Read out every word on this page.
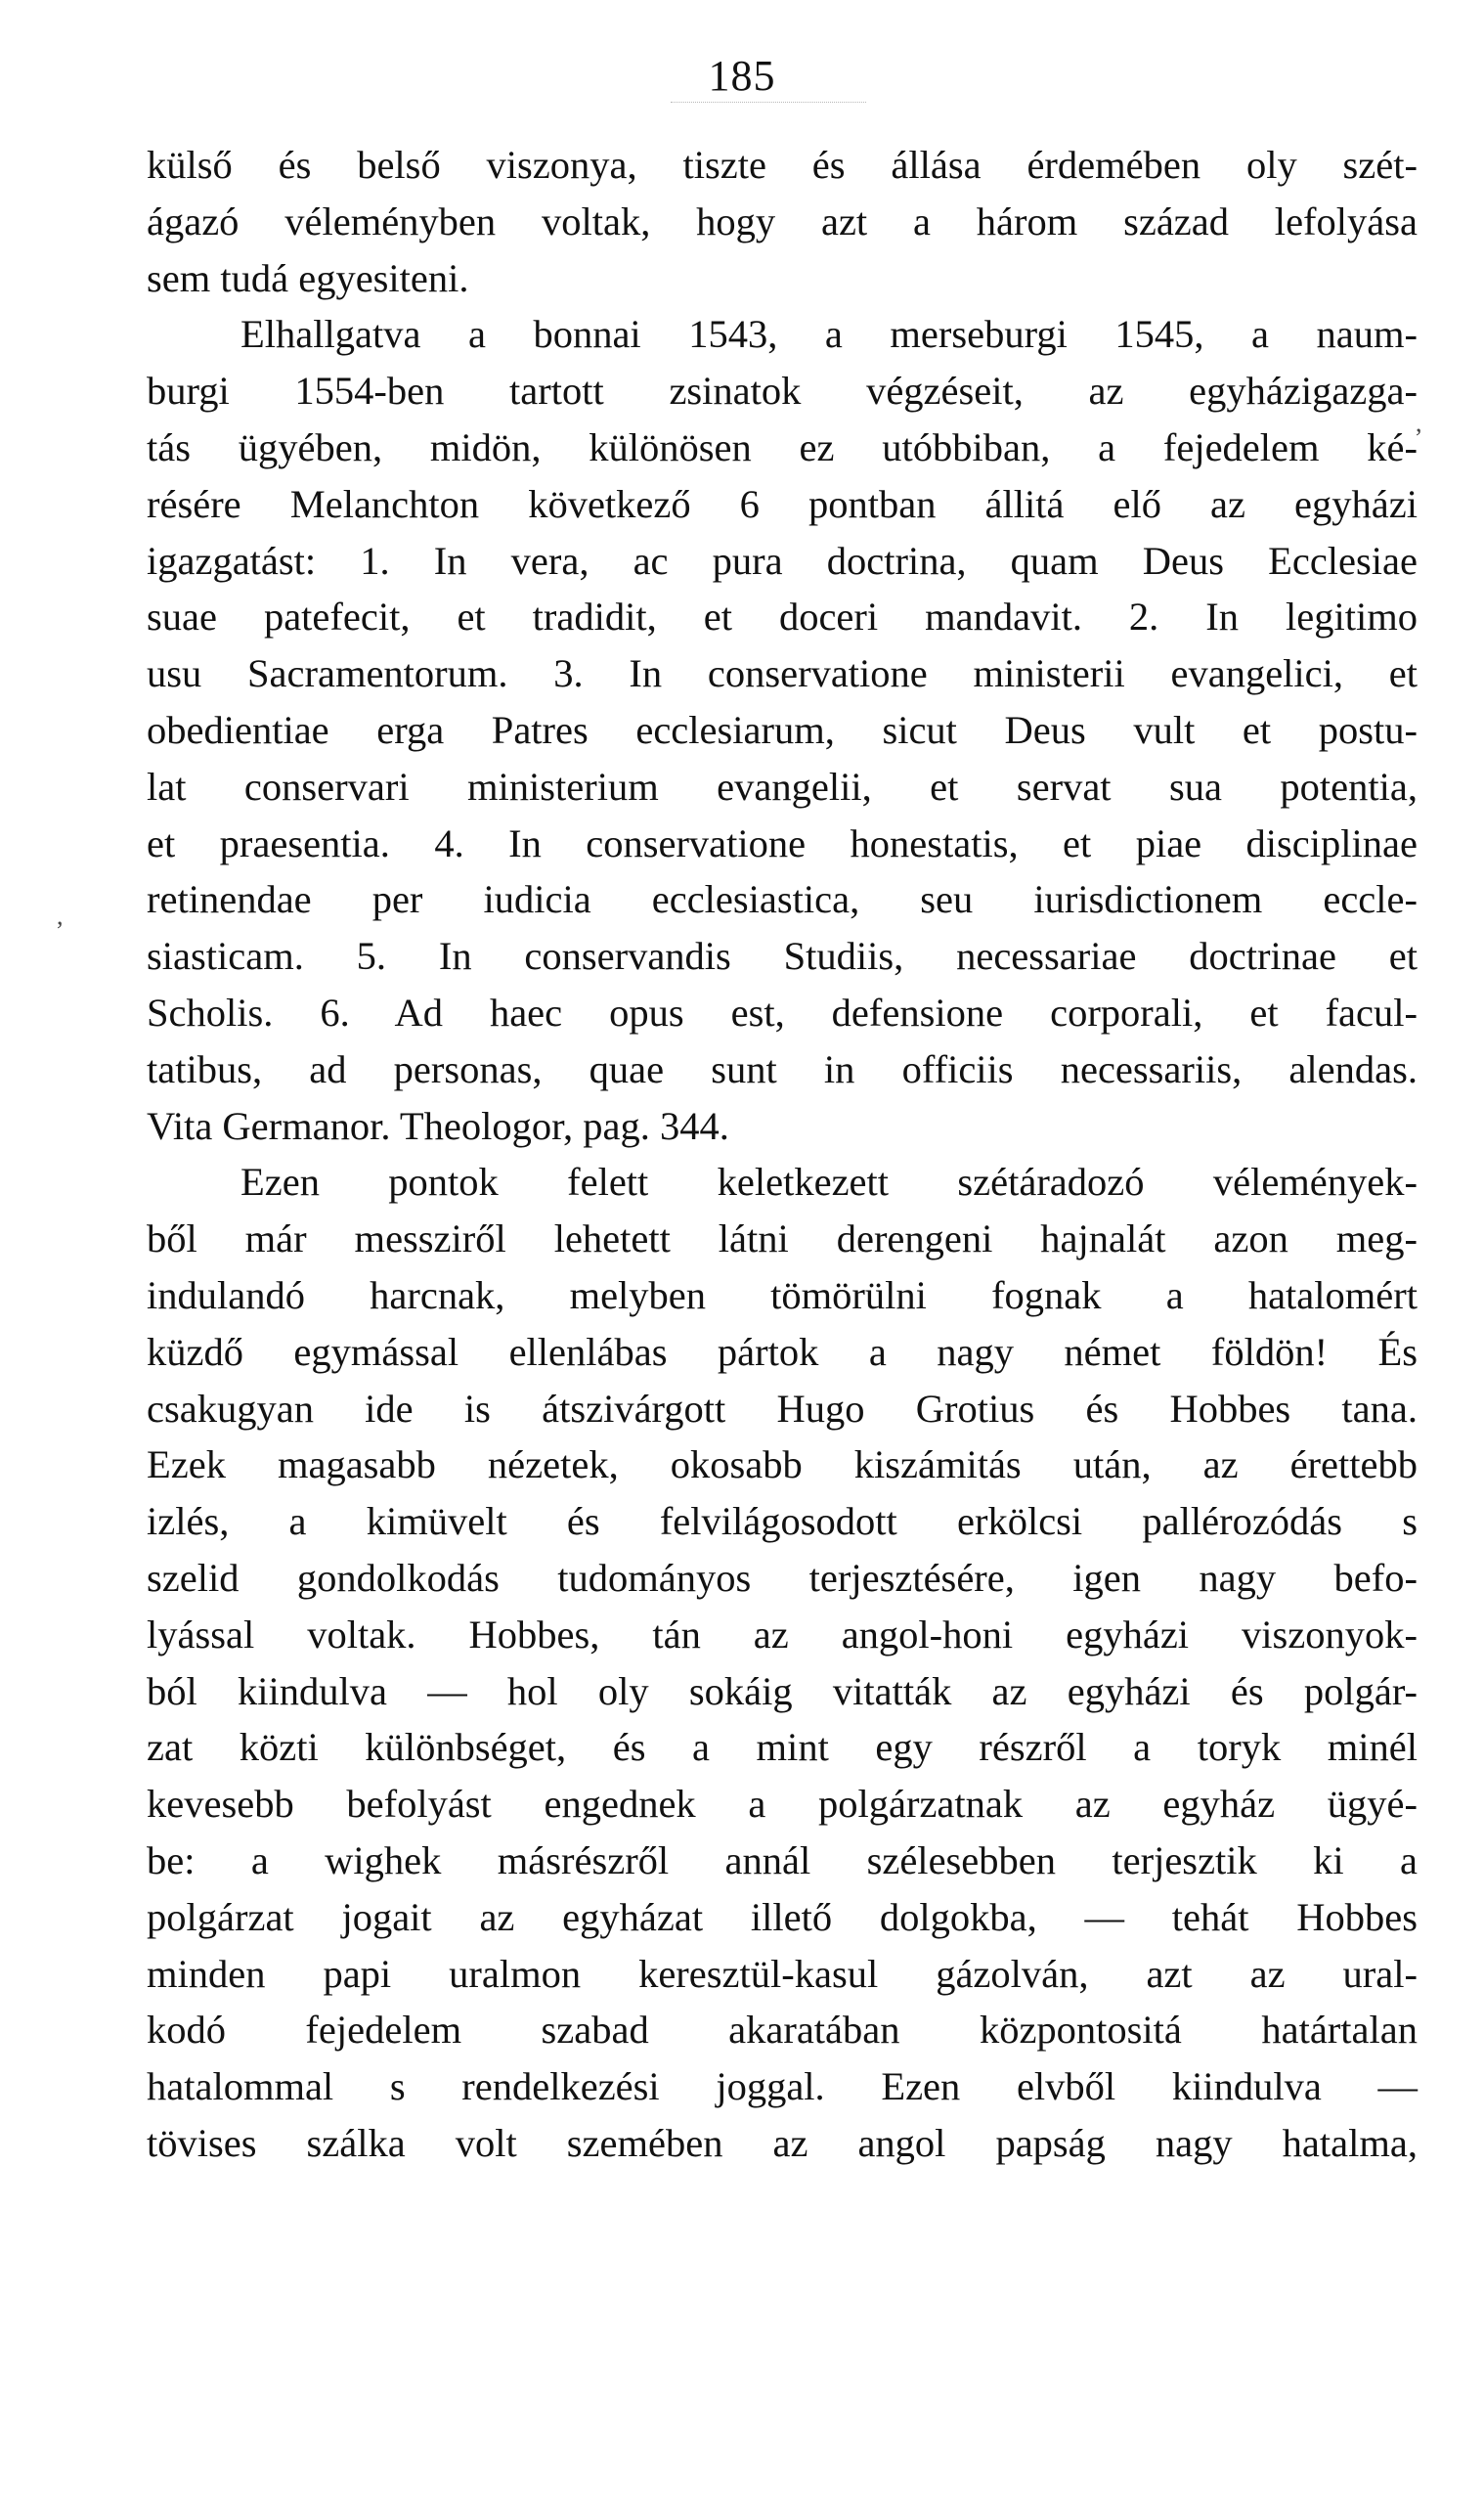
185
,
,
külső és belső viszonya, tiszte és állása érdemében oly szét-
ágazó véleményben voltak, hogy azt a három század lefolyása
sem tudá egyesiteni.
Elhallgatva a bonnai 1543, a merseburgi 1545, a naum-
burgi 1554-ben tartott zsinatok végzéseit, az egyházigazga-
tás ügyében, midön, különösen ez utóbbiban, a fejedelem ké-
résére Melanchton következő 6 pontban állitá elő az egyházi
igazgatást: 1. In vera, ac pura doctrina, quam Deus Ecclesiae
suae patefecit, et tradidit, et doceri mandavit. 2. In legitimo
usu Sacramentorum. 3. In conservatione ministerii evangelici, et
obedientiae erga Patres ecclesiarum, sicut Deus vult et postu-
lat conservari ministerium evangelii, et servat sua potentia,
et praesentia. 4. In conservatione honestatis, et piae disciplinae
retinendae per iudicia ecclesiastica, seu iurisdictionem eccle-
siasticam. 5. In conservandis Studiis, necessariae doctrinae et
Scholis. 6. Ad haec opus est, defensione corporali, et facul-
tatibus, ad personas, quae sunt in officiis necessariis, alendas.
Vita Germanor. Theologor, pag. 344.
Ezen pontok felett keletkezett szétáradozó vélemények-
ből már messziről lehetett látni derengeni hajnalát azon meg-
indulandó harcnak, melyben tömörülni fognak a hatalomért
küzdő egymással ellenlábas pártok a nagy német földön! És
csakugyan ide is átszivárgott Hugo Grotius és Hobbes tana.
Ezek magasabb nézetek, okosabb kiszámitás után, az érettebb
izlés, a kimüvelt és felvilágosodott erkölcsi pallérozódás s
szelid gondolkodás tudományos terjesztésére, igen nagy befo-
lyással voltak. Hobbes, tán az angol-honi egyházi viszonyok-
ból kiindulva — hol oly sokáig vitatták az egyházi és polgár-
zat közti különbséget, és a mint egy részről a toryk minél
kevesebb befolyást engednek a polgárzatnak az egyház ügyé-
be: a wighek másrészről annál szélesebben terjesztik ki a
polgárzat jogait az egyházat illető dolgokba, — tehát Hobbes
minden papi uralmon keresztül-kasul gázolván, azt az ural-
kodó fejedelem szabad akaratában központositá határtalan
hatalommal s rendelkezési joggal. Ezen elvből kiindulva —
tövises szálka volt szemében az angol papság nagy hatalma,
